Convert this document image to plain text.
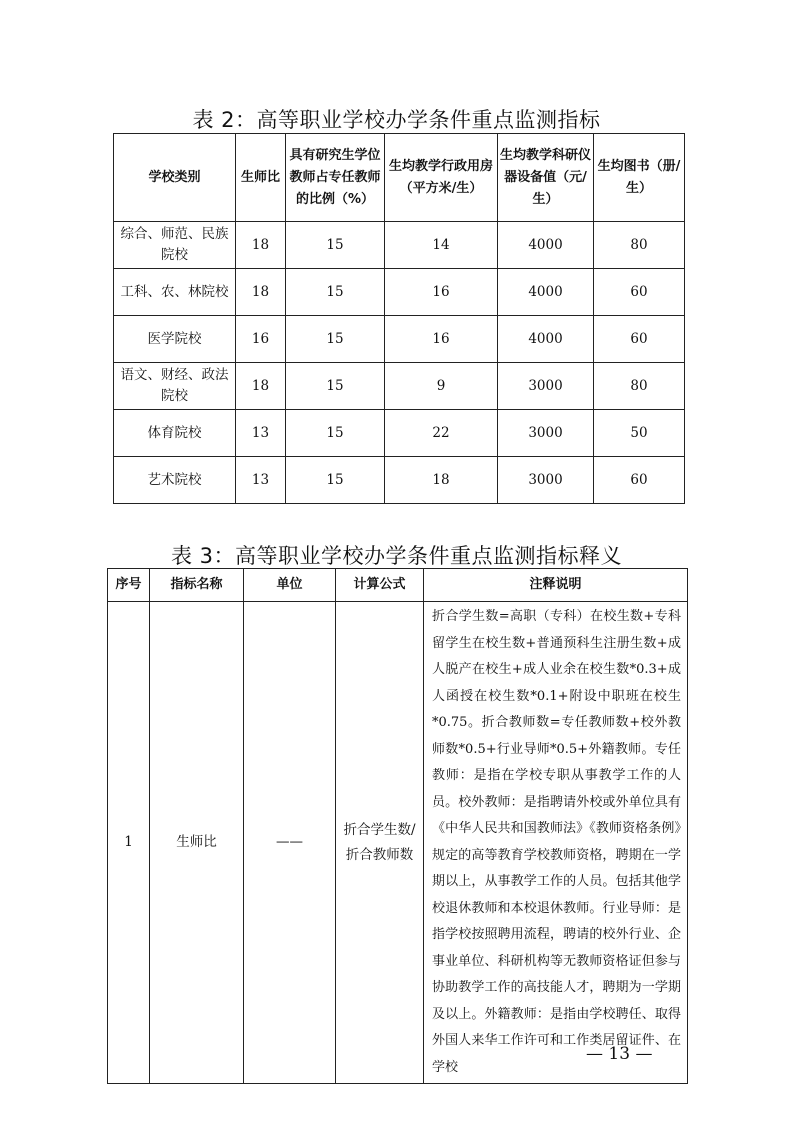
表 2：高等职业学校办学条件重点监测指标
学校类别	生师比	具有研究生学位教师占专任教师的比例（%）	生均教学行政用房（平方米/生）	生均教学科研仪器设备值（元/生）	生均图书（册/生）
综合、师范、民族院校	18	15	14	4000	80
工科、农、林院校	18	15	16	4000	60
医学院校	16	15	16	4000	60
语文、财经、政法院校	18	15	9	3000	80
体育院校	13	15	22	3000	50
艺术院校	13	15	18	3000	60
表 3：高等职业学校办学条件重点监测指标释义
序号	指标名称	单位	计算公式	注释说明
1	生师比	——	折合学生数/折合教师数	折合学生数=高职（专科）在校生数+专科留学生在校生数+普通预科生注册生数+成人脱产在校生+成人业余在校生数*0.3+成人函授在校生数*0.1+附设中职班在校生*0.75。折合教师数=专任教师数+校外教师数*0.5+行业导师*0.5+外籍教师。专任教师：是指在学校专职从事教学工作的人员。校外教师：是指聘请外校或外单位具有《中华人民共和国教师法》《教师资格条例》规定的高等教育学校教师资格，聘期在一学期以上，从事教学工作的人员。包括其他学校退休教师和本校退休教师。行业导师：是指学校按照聘用流程，聘请的校外行业、企事业单位、科研机构等无教师资格证但参与协助教学工作的高技能人才，聘期为一学期及以上。外籍教师：是指由学校聘任、取得外国人来华工作许可和工作类居留证件、在学校
— 13 —
